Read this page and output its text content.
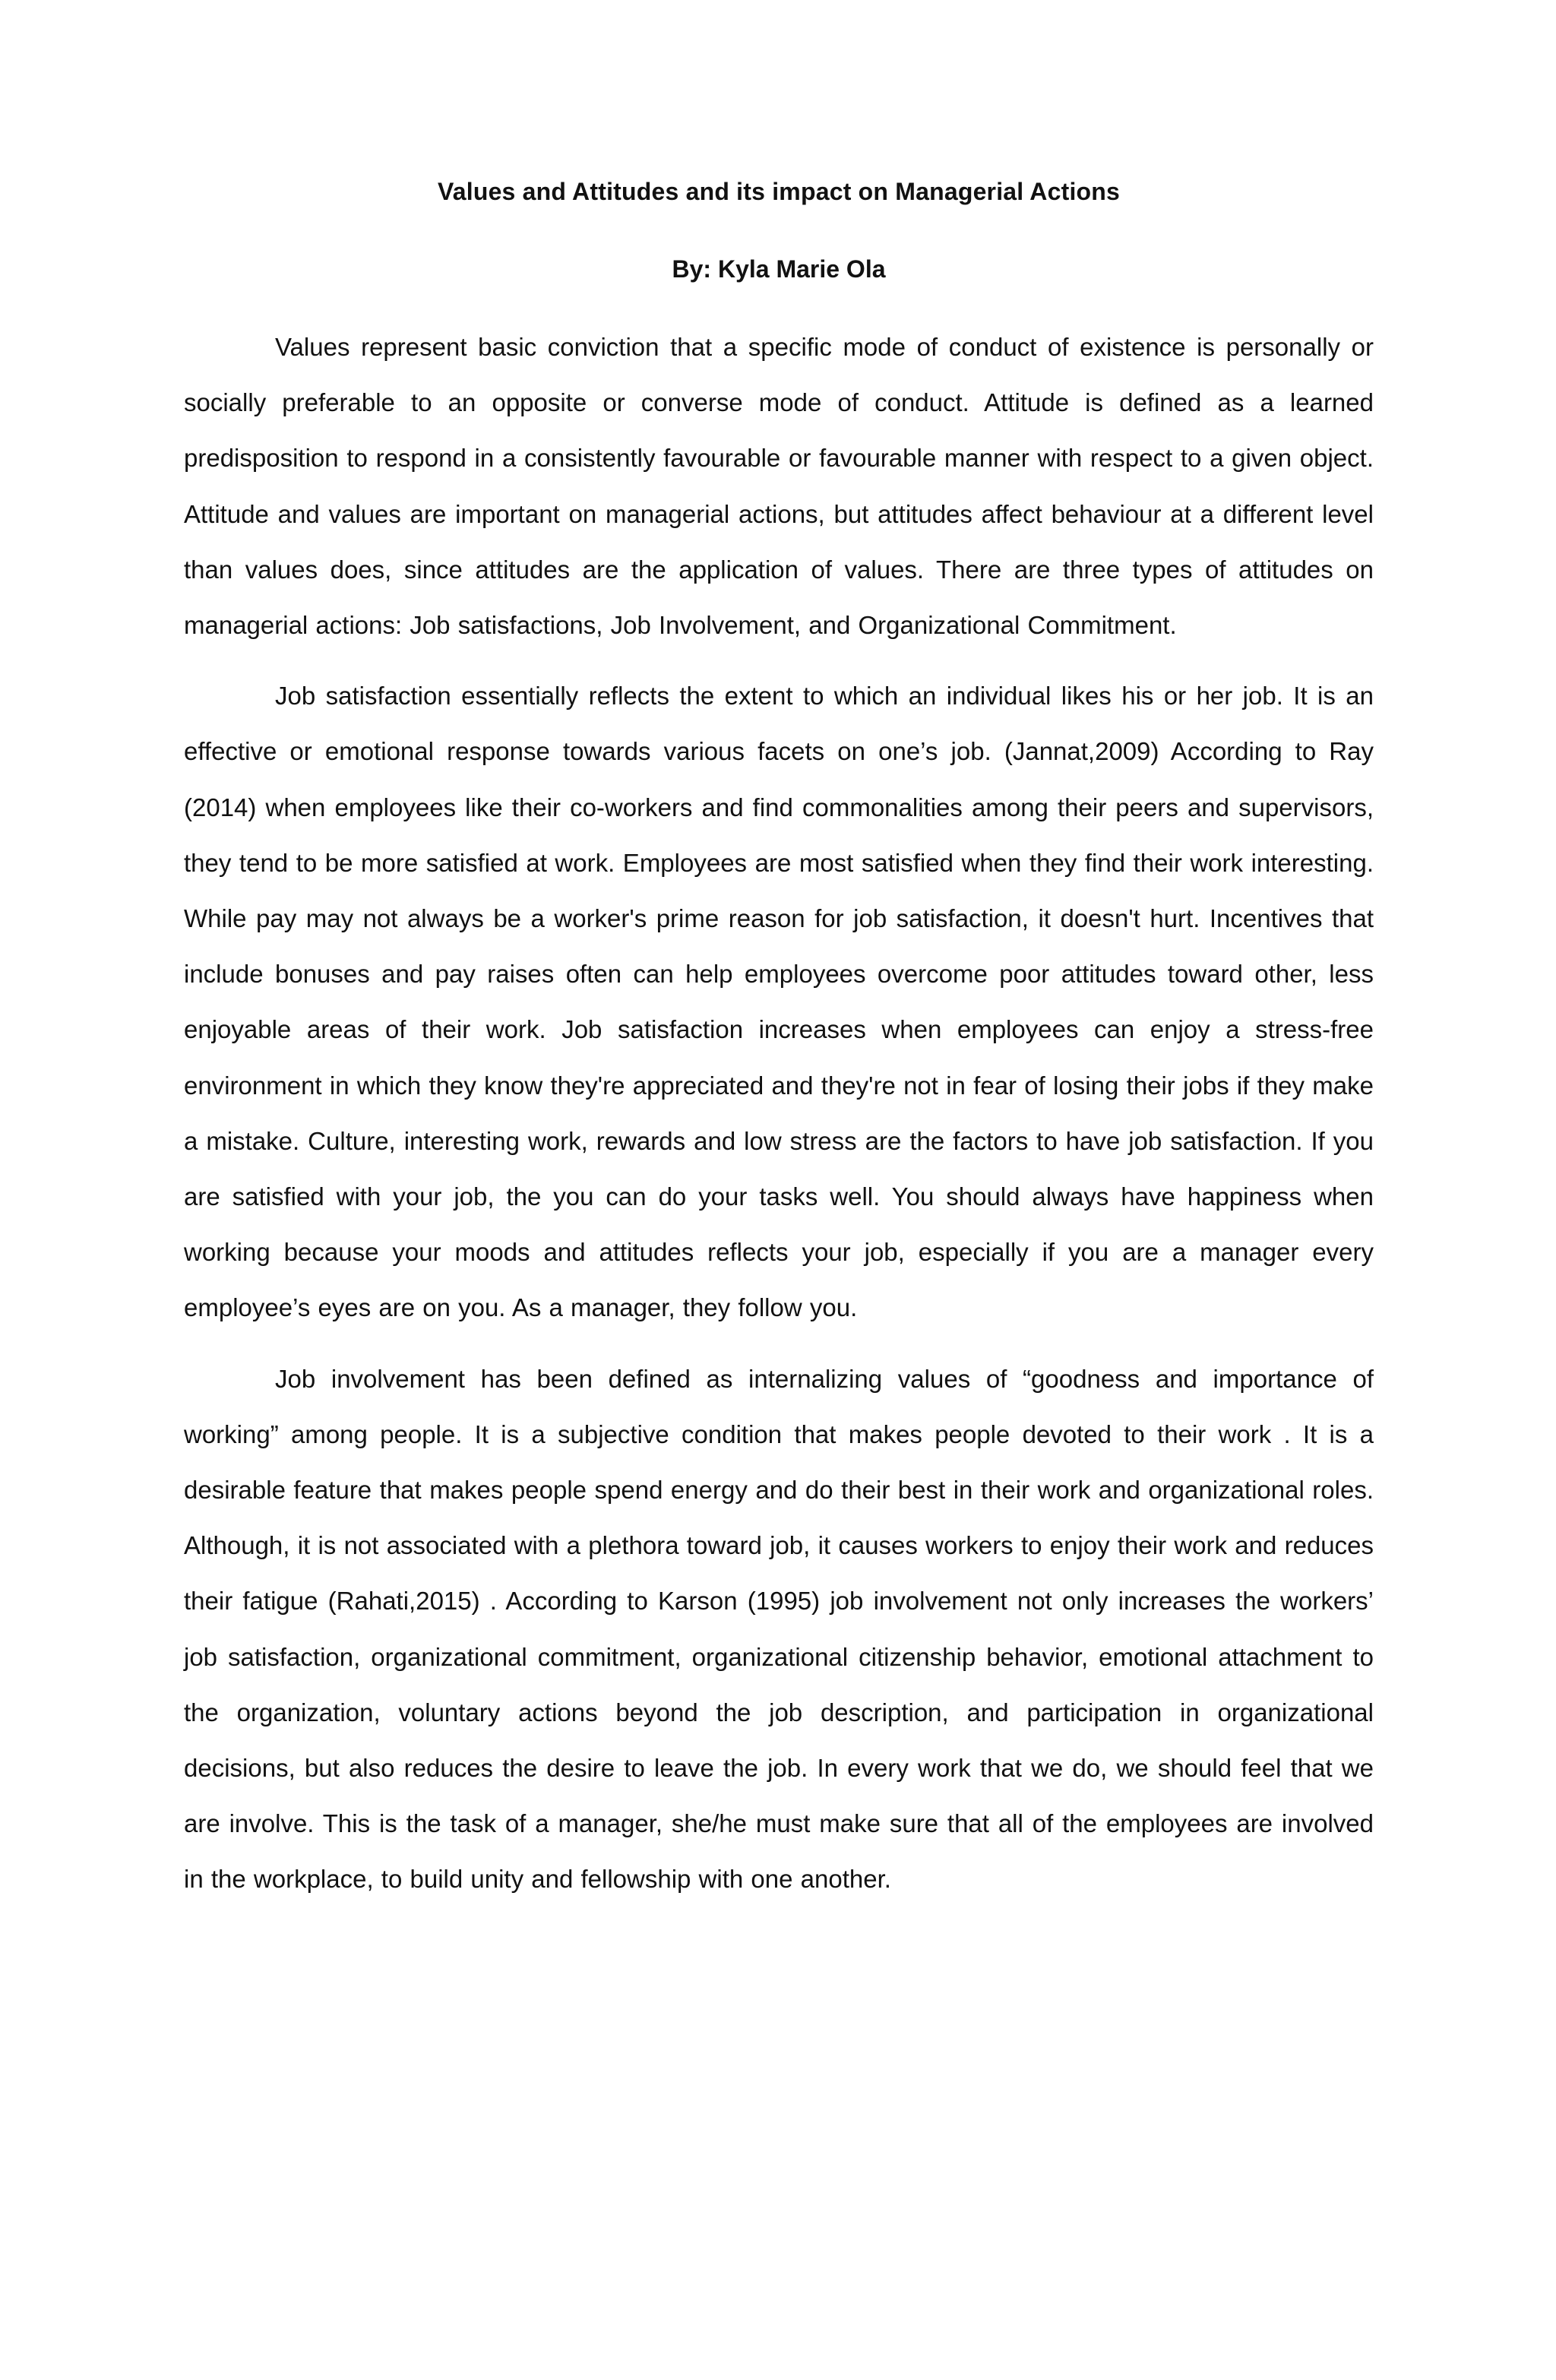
Values and Attitudes and its impact on Managerial Actions
By: Kyla Marie Ola

Values represent basic conviction that a specific mode of conduct of existence is personally or socially preferable to an opposite or converse mode of conduct. Attitude is defined as a learned predisposition to respond in a consistently favourable or favourable manner with respect to a given object. Attitude and values are important on managerial actions, but attitudes affect behaviour at a different level than values does, since attitudes are the application of values. There are three types of attitudes on managerial actions: Job satisfactions, Job Involvement, and Organizational Commitment.

Job satisfaction essentially reflects the extent to which an individual likes his or her job. It is an effective or emotional response towards various facets on one’s job. (Jannat,2009) According to Ray (2014) when employees like their co-workers and find commonalities among their peers and supervisors, they tend to be more satisfied at work. Employees are most satisfied when they find their work interesting. While pay may not always be a worker's prime reason for job satisfaction, it doesn't hurt. Incentives that include bonuses and pay raises often can help employees overcome poor attitudes toward other, less enjoyable areas of their work. Job satisfaction increases when employees can enjoy a stress-free environment in which they know they're appreciated and they're not in fear of losing their jobs if they make a mistake. Culture, interesting work, rewards and low stress are the factors to have job satisfaction. If you are satisfied with your job, the you can do your tasks well. You should always have happiness when working because your moods and attitudes reflects your job, especially if you are a manager every employee’s eyes are on you. As a manager, they follow you.

Job involvement has been defined as internalizing values of “goodness and importance of working” among people. It is a subjective condition that makes people devoted to their work . It is a desirable feature that makes people spend energy and do their best in their work and organizational roles. Although, it is not associated with a plethora toward job, it causes workers to enjoy their work and reduces their fatigue (Rahati,2015) . According to Karson (1995) job involvement not only increases the workers’ job satisfaction, organizational commitment, organizational citizenship behavior, emotional attachment to the organization, voluntary actions beyond the job description, and participation in organizational decisions, but also reduces the desire to leave the job. In every work that we do, we should feel that we are involve. This is the task of a manager, she/he must make sure that all of the employees are involved in the workplace, to build unity and fellowship with one another.
